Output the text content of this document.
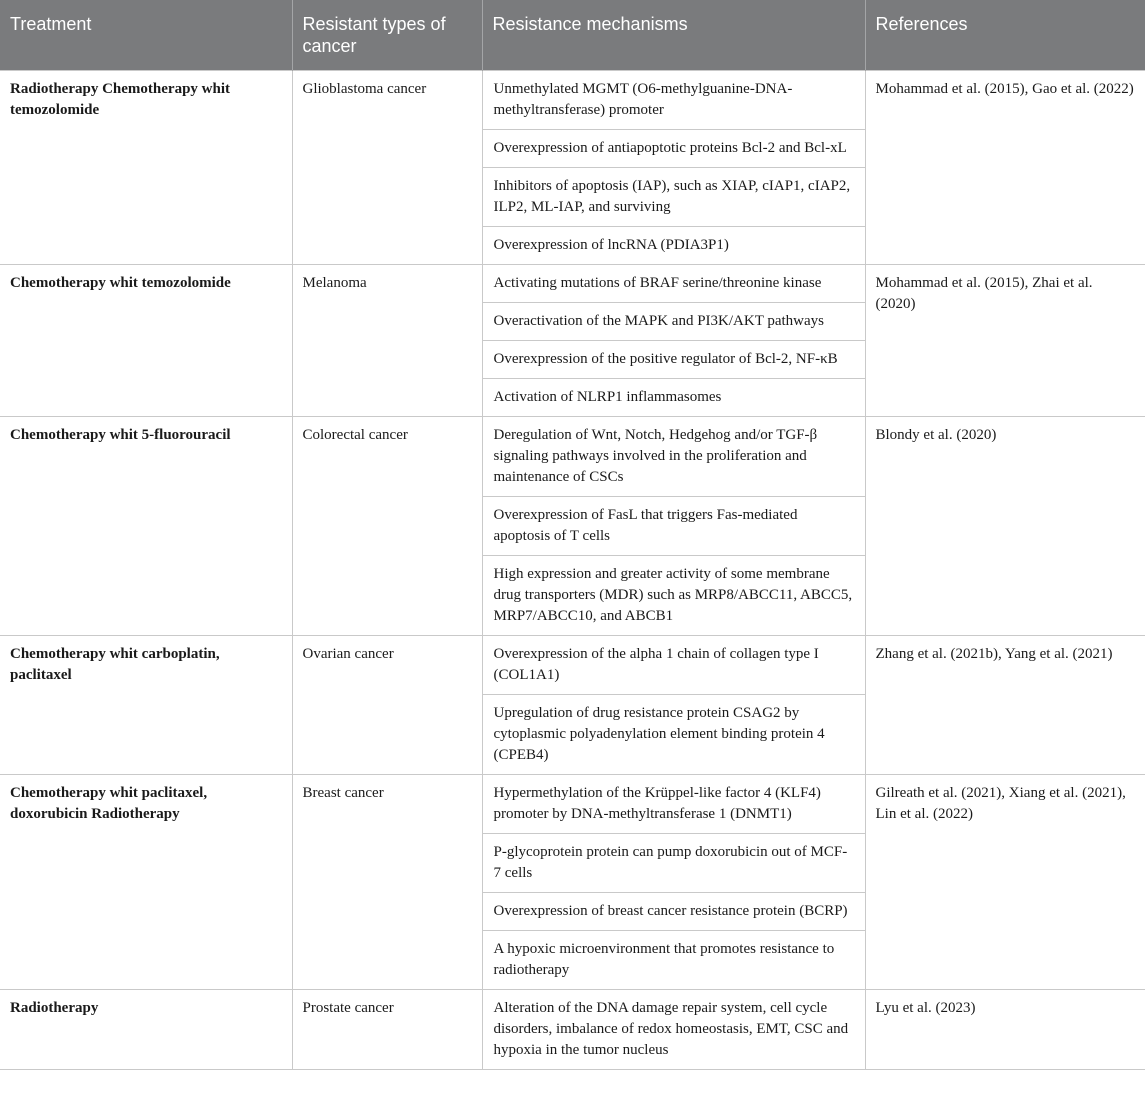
Treatment	Resistant types of cancer	Resistance mechanisms	References
Radiotherapy Chemotherapy whit temozolomide	Glioblastoma cancer	Unmethylated MGMT (O6-methylguanine-DNA-methyltransferase) promoter	Mohammad et al. (2015), Gao et al. (2022)
		Overexpression of antiapoptotic proteins Bcl-2 and Bcl-xL	
		Inhibitors of apoptosis (IAP), such as XIAP, cIAP1, cIAP2, ILP2, ML-IAP, and surviving	
		Overexpression of lncRNA (PDIA3P1)	
Chemotherapy whit temozolomide	Melanoma	Activating mutations of BRAF serine/threonine kinase	Mohammad et al. (2015), Zhai et al. (2020)
		Overactivation of the MAPK and PI3K/AKT pathways	
		Overexpression of the positive regulator of Bcl-2, NF-κB	
		Activation of NLRP1 inflammasomes	
Chemotherapy whit 5-fluorouracil	Colorectal cancer	Deregulation of Wnt, Notch, Hedgehog and/or TGF-β signaling pathways involved in the proliferation and maintenance of CSCs	Blondy et al. (2020)
		Overexpression of FasL that triggers Fas-mediated apoptosis of T cells	
		High expression and greater activity of some membrane drug transporters (MDR) such as MRP8/ABCC11, ABCC5, MRP7/ABCC10, and ABCB1	
Chemotherapy whit carboplatin, paclitaxel	Ovarian cancer	Overexpression of the alpha 1 chain of collagen type I (COL1A1)	Zhang et al. (2021b), Yang et al. (2021)
		Upregulation of drug resistance protein CSAG2 by cytoplasmic polyadenylation element binding protein 4 (CPEB4)	
Chemotherapy whit paclitaxel, doxorubicin Radiotherapy	Breast cancer	Hypermethylation of the Krüppel-like factor 4 (KLF4) promoter by DNA-methyltransferase 1 (DNMT1)	Gilreath et al. (2021), Xiang et al. (2021), Lin et al. (2022)
		P-glycoprotein protein can pump doxorubicin out of MCF-7 cells	
		Overexpression of breast cancer resistance protein (BCRP)	
		A hypoxic microenvironment that promotes resistance to radiotherapy	
Radiotherapy	Prostate cancer	Alteration of the DNA damage repair system, cell cycle disorders, imbalance of redox homeostasis, EMT, CSC and hypoxia in the tumor nucleus	Lyu et al. (2023)
